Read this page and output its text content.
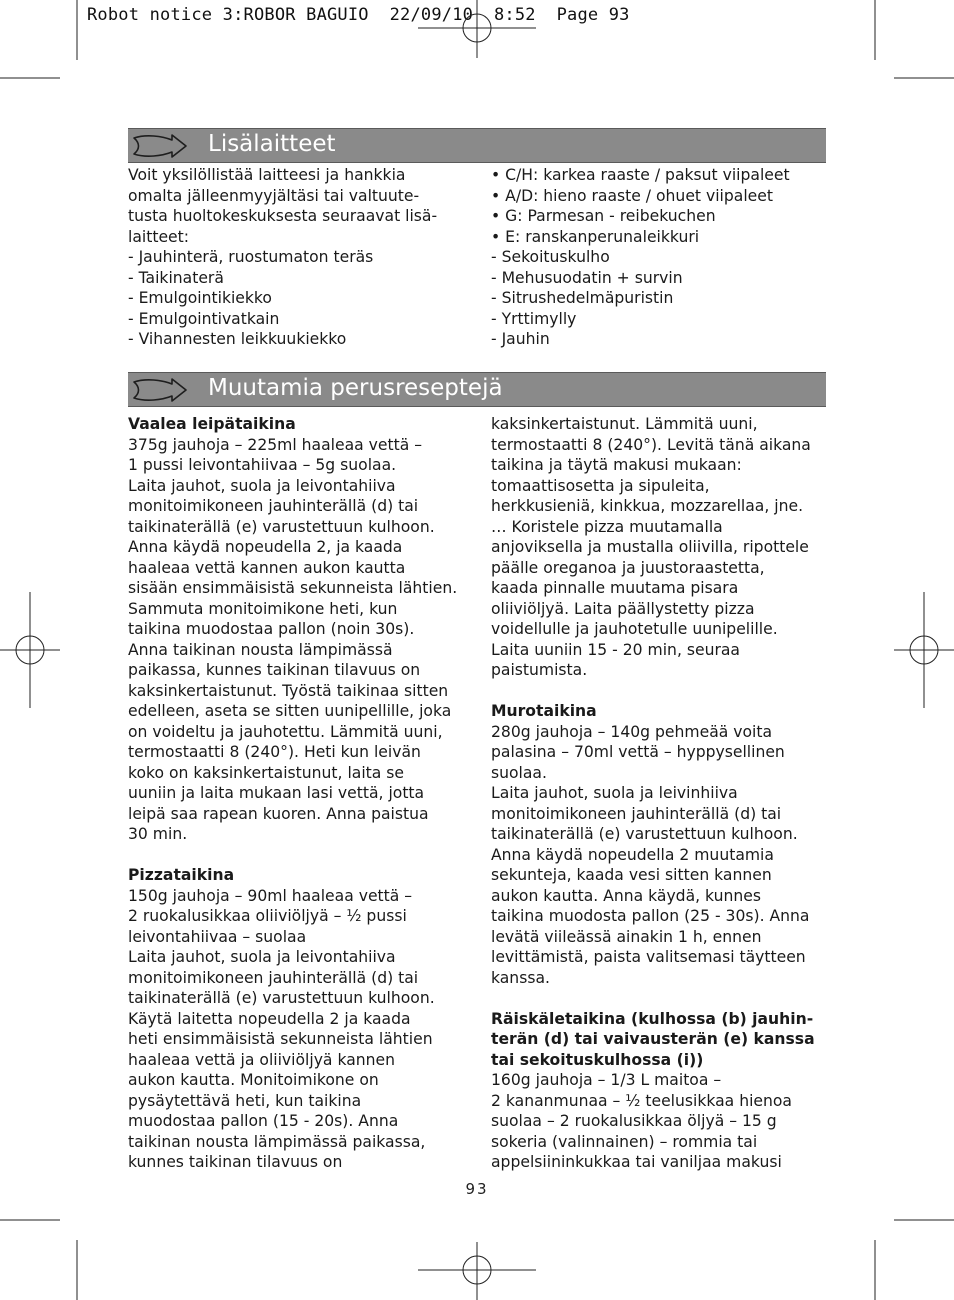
Robot notice 3:ROBOR BAGUIO  22/09/10  8:52  Page 93
Lisälaitteet
Voit yksilöllistää laitteesi ja hankkia
omalta jälleenmyyjältäsi tai valtuute-
tusta huoltokeskuksesta seuraavat lisä-
laitteet:
- Jauhinterä, ruostumaton teräs
- Taikinaterä
- Emulgointikiekko
- Emulgointivatkain
- Vihannesten leikkuukiekko
• C/H: karkea raaste / paksut viipaleet
• A/D: hieno raaste / ohuet viipaleet
• G: Parmesan - reibekuchen
• E: ranskanperunaleikkuri
- Sekoituskulho
- Mehusuodatin + survin
- Sitrushedelmäpuristin
- Yrttimylly
- Jauhin
Muutamia perusreseptejä
Vaalea leipätaikina
375g jauhoja – 225ml haaleaa vettä –
1 pussi leivontahiivaa – 5g suolaa.
Laita jauhot, suola ja leivontahiiva
monitoimikoneen jauhinterällä (d) tai
taikinaterällä (e) varustettuun kulhoon.
Anna käydä nopeudella 2, ja kaada
haaleaa vettä kannen aukon kautta
sisään ensimmäisistä sekunneista lähtien.
Sammuta monitoimikone heti, kun
taikina muodostaa pallon (noin 30s).
Anna taikinan nousta lämpimässä
paikassa, kunnes taikinan tilavuus on
kaksinkertaistunut. Työstä taikinaa sitten
edelleen, aseta se sitten uunipellille, joka
on voideltu ja jauhotettu. Lämmitä uuni,
termostaatti 8 (240°). Heti kun leivän
koko on kaksinkertaistunut, laita se
uuniin ja laita mukaan lasi vettä, jotta
leipä saa rapean kuoren. Anna paistua
30 min.
Pizzataikina
150g jauhoja – 90ml haaleaa vettä –
2 ruokalusikkaa oliiviöljyä – ½ pussi
leivontahiivaa – suolaa
Laita jauhot, suola ja leivontahiiva
monitoimikoneen jauhinterällä (d) tai
taikinaterällä (e) varustettuun kulhoon.
Käytä laitetta nopeudella 2 ja kaada
heti ensimmäisistä sekunneista lähtien
haaleaa vettä ja oliiviöljyä kannen
aukon kautta. Monitoimikone on
pysäytettävä heti, kun taikina
muodostaa pallon (15 - 20s). Anna
taikinan nousta lämpimässä paikassa,
kunnes taikinan tilavuus on
kaksinkertaistunut. Lämmitä uuni,
termostaatti 8 (240°). Levitä tänä aikana
taikina ja täytä makusi mukaan:
tomaattisosetta ja sipuleita,
herkkusieniä, kinkkua, mozzarellaa, jne.
… Koristele pizza muutamalla
anjoviksella ja mustalla oliivilla, ripottele
päälle oreganoa ja juustoraastetta,
kaada pinnalle muutama pisara
oliiviöljyä. Laita päällystetty pizza
voidellulle ja jauhotetulle uunipelille.
Laita uuniin 15 - 20 min, seuraa
paistumista.
Murotaikina
280g jauhoja – 140g pehmeää voita
palasina – 70ml vettä – hyppysellinen
suolaa.
Laita jauhot, suola ja leivinhiiva
monitoimikoneen jauhinterällä (d) tai
taikinaterällä (e) varustettuun kulhoon.
Anna käydä nopeudella 2 muutamia
sekunteja, kaada vesi sitten kannen
aukon kautta. Anna käydä, kunnes
taikina muodosta pallon (25 - 30s). Anna
levätä viileässä ainakin 1 h, ennen
levittämistä, paista valitsemasi täytteen
kanssa.
Räiskäletaikina (kulhossa (b) jauhin-
terän (d) tai vaivausterän (e) kanssa
tai sekoituskulhossa (i))
160g jauhoja – 1/3 L maitoa –
2 kananmunaa – ½ teelusikkaa hienoa
suolaa – 2 ruokalusikkaa öljyä – 15 g
sokeria (valinnainen) – rommia tai
appelsiininkukkaa tai vaniljaa makusi
93
